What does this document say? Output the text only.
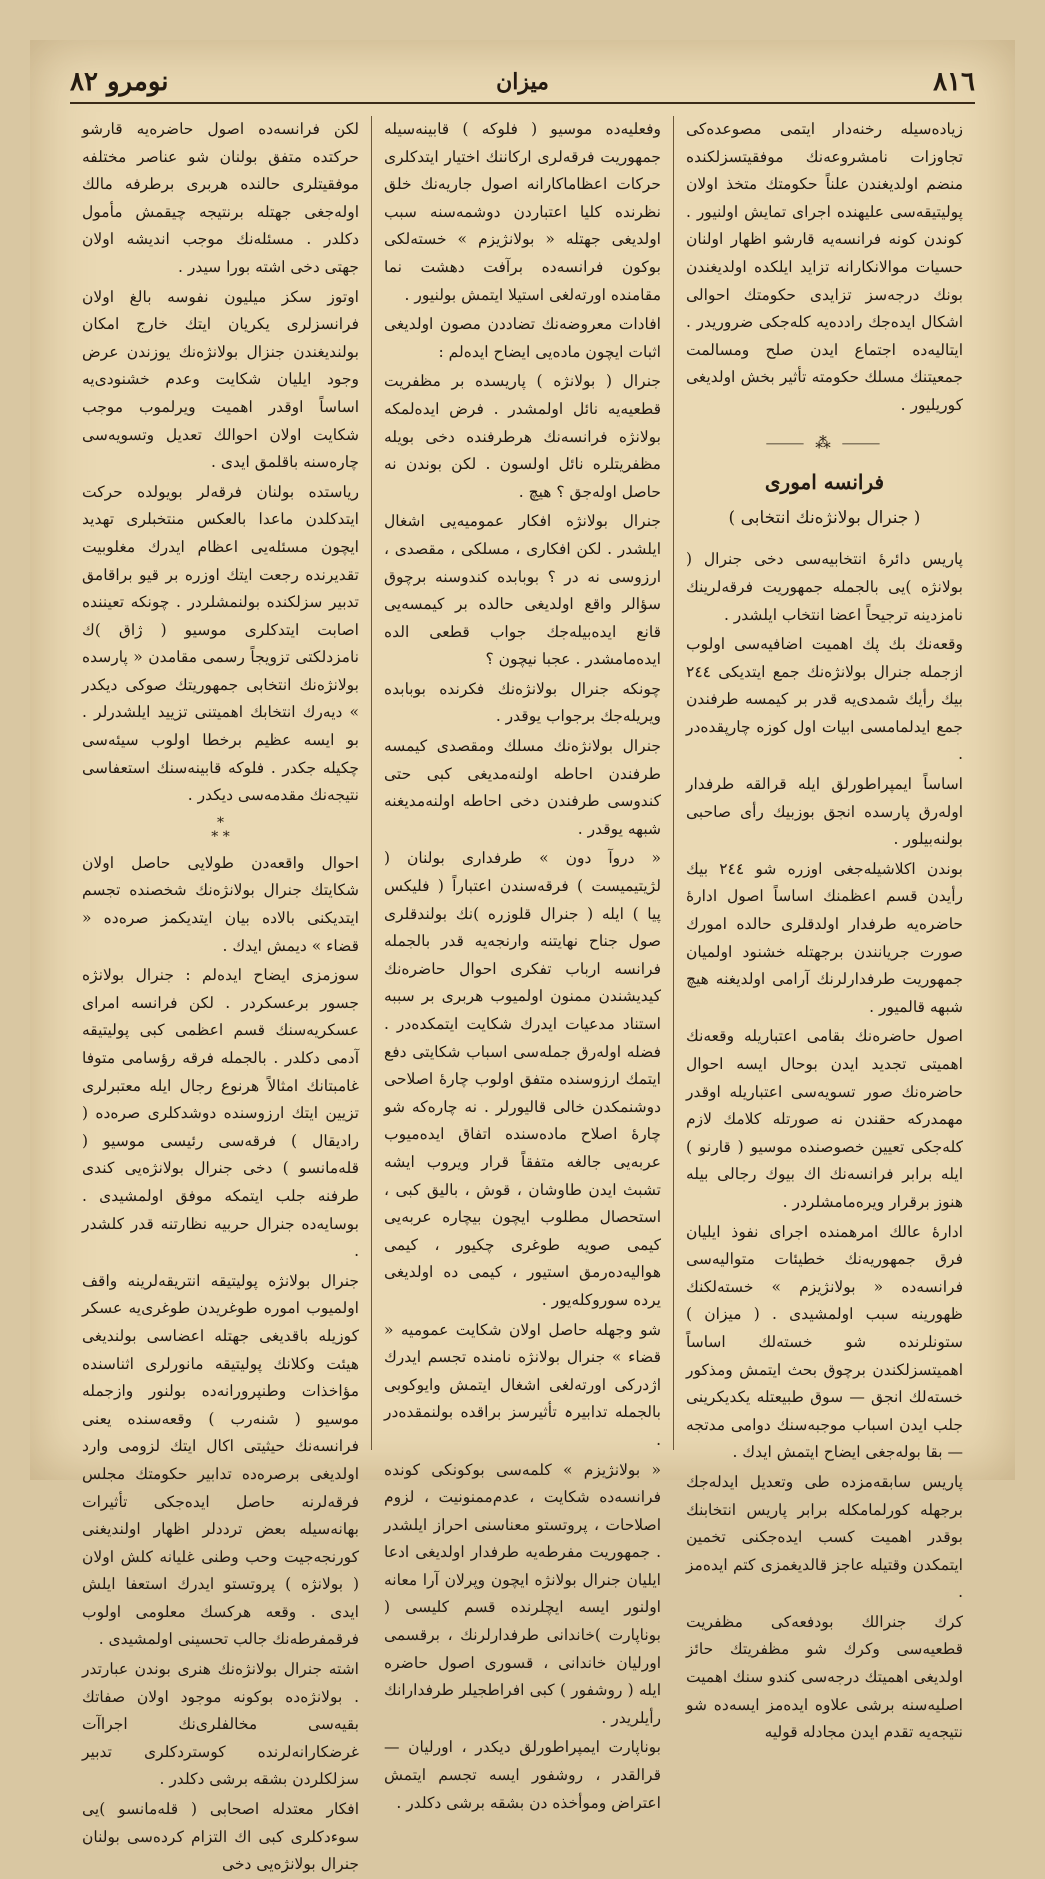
٨١٦
میزان
نومرو ٨٢

زياده‌سيله رخنه‌دار ايتمی مصوعده‌كی تجاوزات نامشروعه‌نك موفقيتسزلكنده منضم اولديغندن علناً حكومتك متخذ اولان پوليتيقه‌سی عليهنده اجرای تمایش اولنيور . كوندن كونه فرانسه‌يه قارشو اظهار اولنان حسيات موالانكارانه تزايد ايلكده اولديغندن بونك درجه‌سز تزايدی حكومتك احوالی اشكال ايده‌جك رادده‌يه كله‌جكی ضروريدر . ايتاليه‌ده اجتماع ايدن صلح ومسالمت جمعيتنك مسلك حكومته تأثير بخش اولديغی كوريليور .

⸻ ⁂ ⸻
فرانسه امورى
( جنرال بولانژه‌نك انتخابی )

پاريس دائرۀ انتخابيه‌سی دخی جنرال ( بولانژه )یی بالجمله جمهوريت فرقه‌لرينك نامزدينه ترجيحاً اعضا انتخاب ايلشدر .

وقعه‌نك بك پك اهميت اضافيه‌سی اولوب ازجمله جنرال بولانژه‌نك جمع ايتديكی ٢٤٤ بيك رأيك شمدی‌يه قدر بر كيمسه طرفندن جمع ايدلمامسی ابيات اول كوزه چارپقده‌در .

اساساً ايمپراطورلق ايله قرالقه طرفدار اوله‌رق پارسده انجق بوزبيك رأی صاحبی بولنه‌بيلور .

بوندن اكلاشيله‌جغی اوزره شو ٢٤٤ بيك رأيدن قسم اعظمنك اساساً اصول ادارۀ حاضره‌يه طرفدار اولدقلری حالده امورك صورت جريانندن برجهتله خشنود اولميان جمهوريت طرفدارلرنك آرامی اولديغنه هيچ شبهه قالميور .

اصول حاضره‌نك بقامی اعتباريله وقعه‌نك اهميتی تجديد ايدن بوحال ايسه احوال حاضره‌نك صور تسويه‌سی اعتباريله اوقدر مهمدركه حقندن نه صورتله كلامك لازم كله‌جكی تعيين خصوصنده موسيو ( قارنو ) ايله برابر فرانسه‌نك اك بيوك رجالی بيله هنوز برقرار ويره‌مامشلردر .

ادارۀ عالك امرهمنده اجرای نفوذ ايليان فرق جمهوريه‌نك خطيئات متواليه‌سی فرانسه‌ده « بولانژيزم » خسته‌لكنك ظهورينه سبب اولمشيدی . ( ميزان ) ستونلرنده شو خسته‌لك اساساً اهميتسزلكندن برچوق بحث ايتمش ومذكور خسته‌لك انجق — سوق طبيعتله يكدیكرينی جلب ايدن اسباب موجبه‌سنك دوامی مدتجه — بقا بوله‌جغی ايضاح ايتمش ايدك .

پاريس سابقه‌مزده طی وتعديل ايدله‌جك برجهله كورلمامكله برابر پاريس انتخابنك بوقدر اهميت كسب ايده‌جكنی تخمين ايتمكدن وقتيله عاجز قالديغمزی كتم ايده‌مز .

كرك جنرالك بودفعه‌كی مظفريت قطعيه‌سی وكرك شو مظفريتك حائز اولديغی اهميتك درجه‌سی كندو سنك اهميت اصليه‌سنه برشی علاوه ايده‌مز ايسه‌ده شو نتيجه‌يه تقدم ايدن مجادله قوليه

وفعليه‌ده موسيو ( فلوكه ) قابينه‌سيله جمهوريت فرقه‌لری اركاننك اختيار ايتدكلری حركات اعظاماكارانه اصول جاريه‌نك خلق نظرنده كليا اعتباردن دوشمه‌سنه سبب اولديغی جهتله « بولانژيزم » خسته‌لكی بوكون فرانسه‌ده برآفت دهشت نما مقامنده اورته‌لغی استيلا ايتمش بولنيور .

افادات معروضه‌نك تضاددن مصون اولديغی اثبات ايچون ماده‌يی ايضاح ايده‌لم :

جنرال ( بولانژه ) پاريسده بر مظفريت قطعيه‌يه نائل اولمشدر . فرض ايده‌لمكه بولانژه فرانسه‌نك هرطرفنده دخی بويله مظفريتلره نائل اولسون . لكن بوندن نه حاصل اوله‌جق ؟ هيچ .

جنرال بولانژه افكار عموميه‌يی اشغال ايلشدر . لكن افكاری ، مسلكی ، مقصدی ، ارزوسی نه در ؟ بوبابده كندوسنه برچوق سؤالر واقع اولديغی حالده بر كيمسه‌يی قانع ايده‌بيله‌جك جواب قطعی الده ايده‌مامشدر . عجبا نيچون ؟

چونكه جنرال بولانژه‌نك فكرنده بوبابده ويريله‌جك برجواب يوقدر .

جنرال بولانژه‌نك مسلك ومقصدی كيمسه طرفندن احاطه اولنه‌مديغی كبی حتی كندوسی طرفندن دخی احاطه اولنه‌مديغنه شبهه يوقدر .

« دروآ دون » طرفداری بولنان ( لژيتيميست ) فرقه‌سندن اعتباراً ( فليكس پيا ) ايله ( جنرال قلوزره )نك بولندقلری صول جناح نهايتنه وارنجه‌يه قدر بالجمله فرانسه ارباب تفكری احوال حاضره‌نك كيدیشندن ممنون اولميوب هربری بر سببه استناد مدعيات ايدرك شكايت ايتمكده‌در . فضله اوله‌رق جمله‌سی اسباب شكايتی دفع ايتمك ارزوسنده متفق اولوب چارۀ اصلاحی دوشنمكدن خالی قاليورلر . نه چاره‌كه شو چارۀ اصلاح ماده‌سنده اتفاق ايده‌ميوب عربه‌يی جالغه متفقاً قرار ويروب ايشه تشبث ايدن طاوشان ، قوش ، باليق كبی ، استحصال مطلوب ايچون بيچاره عربه‌يی كيمی صويه طوغری چكيور ، كيمی هواليه‌ده‌رمق استيور ، كيمی ده اولديغی يرده سوروكله‌يور .

شو وجهله حاصل اولان شكايت عموميه « قضاء » جنرال بولانژه نامنده تجسم ايدرك اژدركی اورته‌لغی اشغال ايتمش وايوكوبی بالجمله تدابيرہ تأثيرسز براقده بولنمقده‌در .

« بولانژيزم » كلمه‌سی بوكونكی كونده فرانسه‌ده شكايت ، عدم‌ممنونيت ، لزوم اصلاحات ، پروتستو معناسنی احراز ايلشدر . جمهوريت مفرطه‌يه طرفدار اولديغی ادعا ايليان جنرال بولانژه ايچون وپرلان آرا معانه اولنور ايسه ايچلرنده قسم كليسی ( بوناپارت )خاندانی طرفدارلرنك ، برقسمی اورليان خاندانی ، قسوری اصول حاضره ايله ( روشفور ) كبی افراطجيلر طرفدارانك رأيلريدر .

بوناپارت ايمپراطورلق ديكدر ، اورليان — قرالقدر ، روشفور ايسه تجسم ايتمش اعتراض وموأخذه دن بشقه برشی دكلدر .

لكن فرانسه‌ده اصول حاضره‌يه قارشو حركتده متفق بولنان شو عناصر مختلفه موفقيتلری حالنده هربری برطرفه مالك اوله‌جغی جهتله برنتيجه چيقمش مأمول دكلدر . مسئله‌نك موجب انديشه اولان جهتی دخی اشته بورا سيدر .

اوتوز سكز ميليون نفوسه بالغ اولان فرانسزلری يكريان ايتك خارج امكان بولنديغندن جنزال بولانژه‌نك يوزندن عرض وجود ايليان شكايت وعدم خشنودی‌يه اساساً اوقدر اهميت ويرلموب موجب شكايت اولان احوالك تعديل وتسويه‌سی چاره‌سنه باقلمق ايدی .

رياستده بولنان فرقه‌لر بويولده حركت ايتدكلدن ماعدا بالعكس منتخبلری تهديد ايچون مسئله‌يی اعظام ايدرك مغلوبيت تقديرنده رجعت ايتك اوزره بر قيو براقامق تدبير سزلكنده بولنمشلردر . چونكه تعيننده اصابت ايتدكلری موسيو ( ژاق )ك نامزدلكتی تزويجاً رسمی مقامدن « پارسده بولانژه‌نك انتخابی جمهوريتك صوكی ديكدر » ديه‌رك انتخابك اهميتنی تزييد ايلشدرلر . بو ايسه عظيم برخطا اولوب سيئه‌سی چكيله جكدر . فلوكه قابينه‌سنك استعفاسی نتيجه‌نك مقدمه‌سی ديكدر .

*
* *

احوال واقعه‌دن طولايی حاصل اولان شكايتك جنرال بولانژه‌نك شخصنده تجسم ايتديكنی بالاده بيان ايتديكمز صره‌ده « قضاء » ديمش ايدك .

سوزمزی ايضاح ايده‌لم : جنرال بولانژه جسور برعسكردر . لكن فرانسه امرای عسكريه‌سنك قسم اعظمی كبی پوليتيقه آدمی دكلدر . بالجمله فرقه رؤسامی متوفا غامبتانك امثالاً هرنوع رجال ايله معتبرلری تزيين ايتك ارزوسنده دوشدكلری صره‌ده ( راديقال ) فرقه‌سی رئيسی موسيو ( قله‌مانسو ) دخی جنرال بولانژه‌يی كندی طرفنه جلب ايتمكه موفق اولمشيدی . بوسايه‌ده جنرال حربيه نظارتنه قدر كلشدر .

جنرال بولانژه پوليتيقه انتريقه‌لرينه واقف اولميوب اموره طوغريدن طوغری‌يه عسكر كوزيله باقديغی جهتله اعضاسی بولنديغی هيئت وكلانك پوليتيقه مانورلری اثناسنده مؤاخذات وطنپرورانه‌ده بولنور وازجمله موسيو ( شنه‌رب ) وقعه‌سنده يعنی فرانسه‌نك حيثيتی اكال ايتك لزومی وارد اولديغی برصره‌ده تدابير حكومتك مجلس فرقه‌لرنه حاصل ايده‌جكی تأثيرات بهانه‌سيله بعض ترددلر اظهار اولنديغنی كورنجه‌جيت وحب وطنی غليانه كلش اولان ( بولانژه ) پروتستو ايدرك استعفا ايلش ايدی . وقعه هركسك معلومی اولوب فرقمفرطه‌نك جالب تحسينی اولمشيدی .

اشته جنرال بولانژه‌نك هنری بوندن عبارتدر . بولانژه‌ده بوكونه موجود اولان صفاتك بقيه‌سی مخالفلری‌نك اجراآت غرضكارانه‌لرنده كوستردكلری تدبير سزلكلردن بشقه برشی دكلدر .

افكار معتدله اصحابی ( قله‌مانسو )يی سوءدكلری كبی اك التزام كرده‌سی بولنان جنرال بولانژه‌يی دخی
